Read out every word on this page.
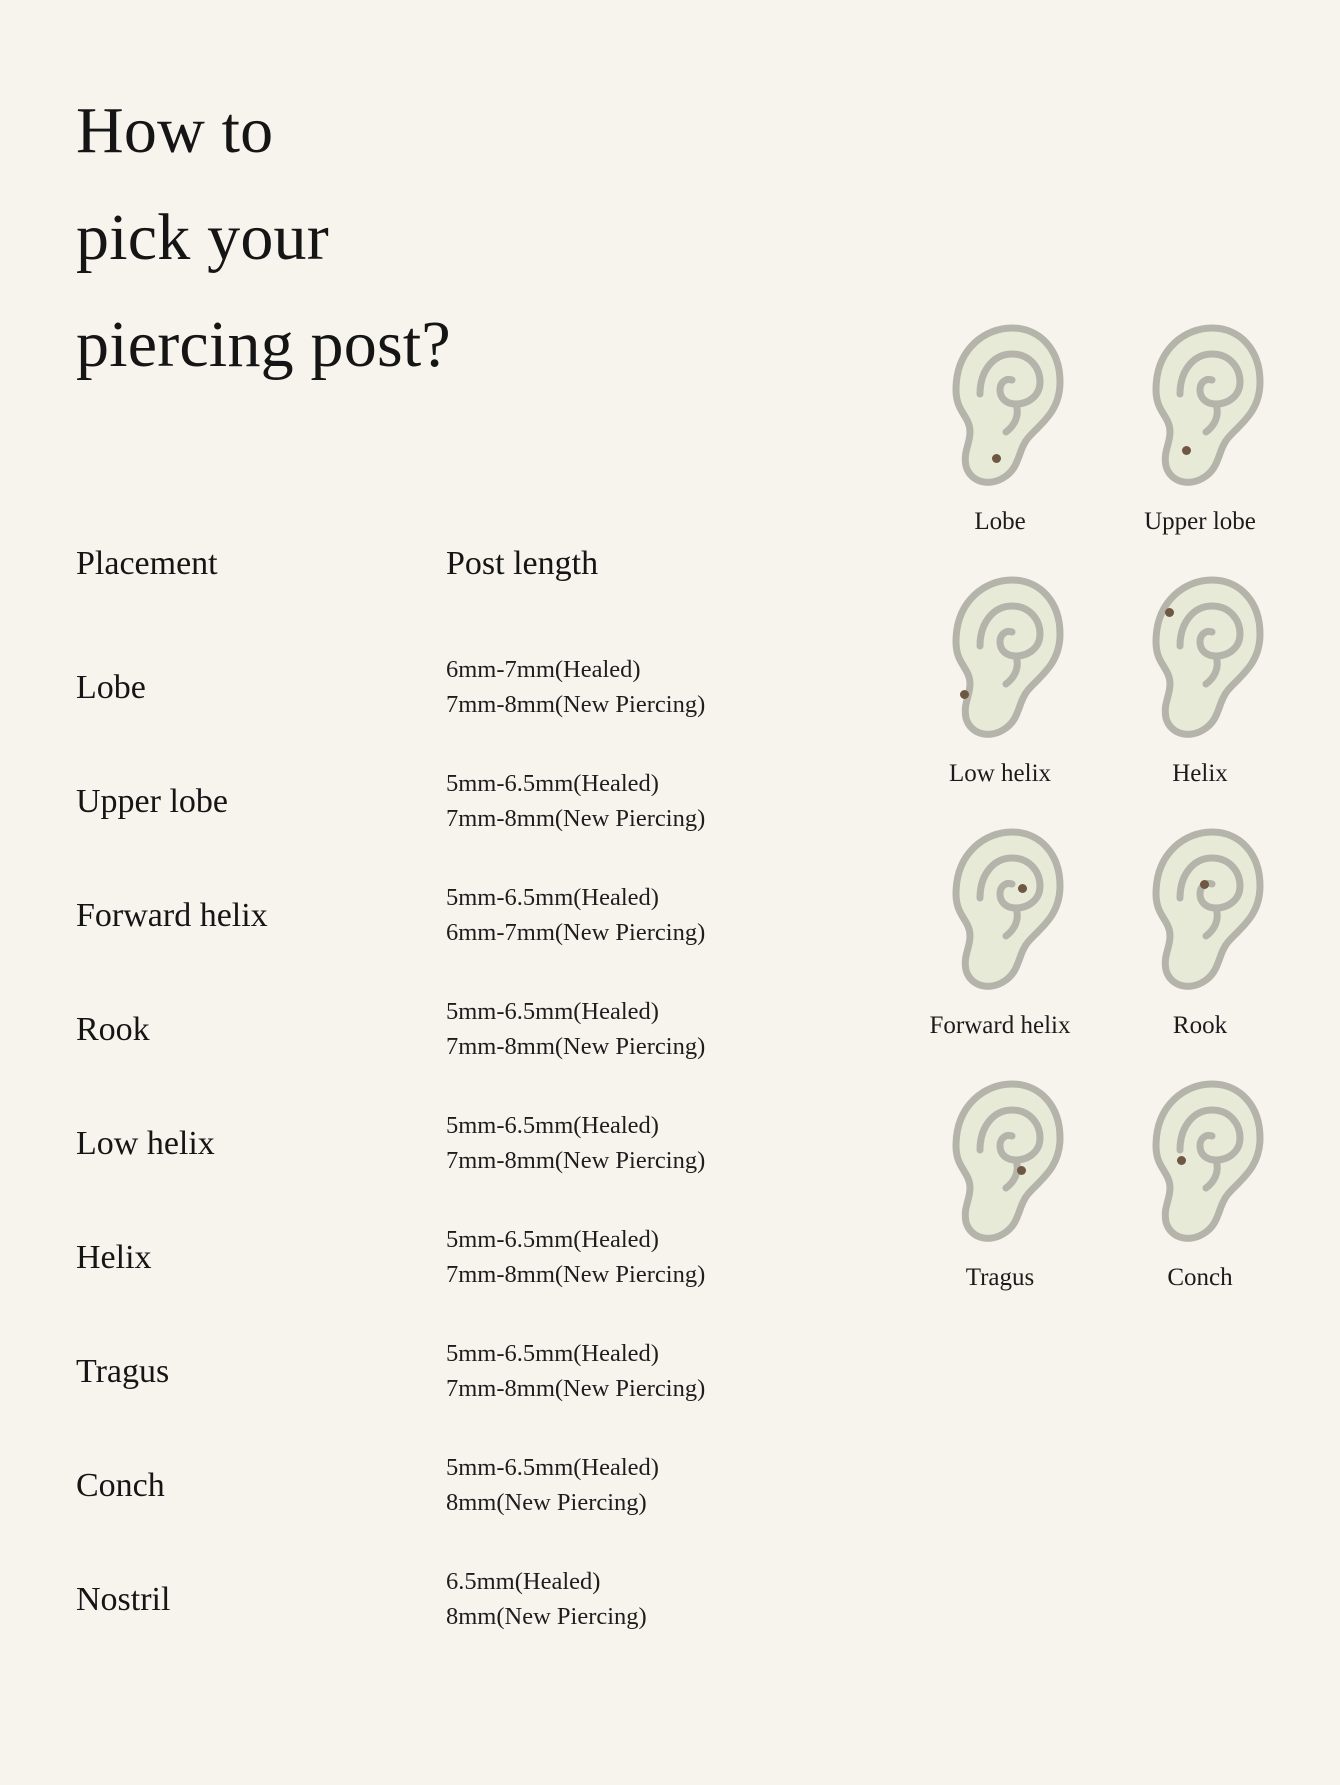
How to
pick your
piercing post?
Placement	Post length
Lobe	6mm-7mm(Healed)
7mm-8mm(New Piercing)
Upper lobe	5mm-6.5mm(Healed)
7mm-8mm(New Piercing)
Forward helix	5mm-6.5mm(Healed)
6mm-7mm(New Piercing)
Rook	5mm-6.5mm(Healed)
7mm-8mm(New Piercing)
Low helix	5mm-6.5mm(Healed)
7mm-8mm(New Piercing)
Helix	5mm-6.5mm(Healed)
7mm-8mm(New Piercing)
Tragus	5mm-6.5mm(Healed)
7mm-8mm(New Piercing)
Conch	5mm-6.5mm(Healed)
8mm(New Piercing)
Nostril	6.5mm(Healed)
8mm(New Piercing)
Lobe	Upper lobe
Low helix	Helix
Forward helix	Rook
Tragus	Conch
